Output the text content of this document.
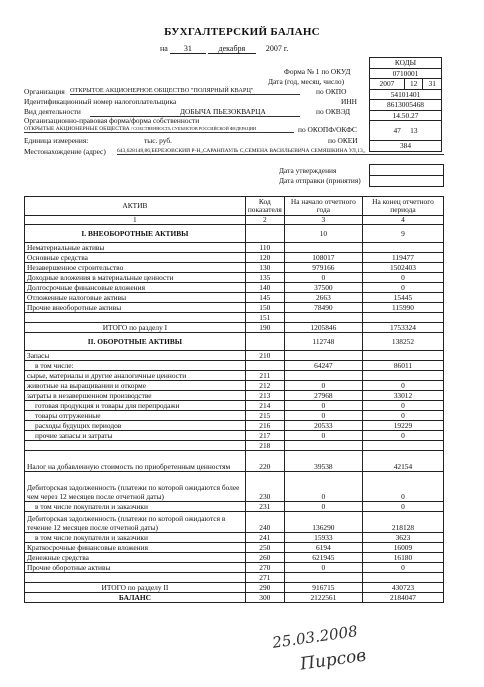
БУХГАЛТЕРСКИЙ БАЛАНС
на 31	декабря	2007 г.
КОДЫ
0710001
2007	12	31
54101401
8613005468
14.50.27
47 13
384
Форма № 1 по ОКУД
Дата (год, месяц, число)
Организация ОТКРЫТОЕ АКЦИОНЕРНОЕ ОБЩЕСТВО "ПОЛЯРНЫЙ КВАРЦ"	по ОКПО
Идентификационный номер налогоплательщика	ИНН
Вид деятельности	ДОБЫЧА ПЬЕЗОКВАРЦА	по ОКВЭД
Организационно-правовая форма/форма собственности
ОТКРЫТЫЕ АКЦИОНЕРНЫЕ ОБЩЕСТВА / СОБСТВЕННОСТЬ СУБЪЕКТОВ РОССИЙСКОЙ ФЕДЕРАЦИИ	по ОКОПФ/ОКФС
Единица измерения:	тыс. руб.	по ОКЕИ
Местонахождение (адрес) 643,628148,86,БЕРЕЗОВСКИЙ Р-Н,,САРАНПАУЛЬ С,СЕМЕНА ВАСИЛЬЕВИЧА СЕМЯШКИНА УЛ,13,,
Дата утверждения
Дата отправки (принятия)
АКТИВ	Код показателя	На начало отчетного года	На конец отчетного периода
1	2	3	4
I. ВНЕОБОРОТНЫЕ АКТИВЫ		10	9
Нематериальные активы	110		
Основные средства	120	108017	119477
Незавершенное строительство	130	979166	1502403
Доходные вложения в материальные ценности	135	0	0
Долгосрочные финансовые вложения	140	37500	0
Отложенные налоговые активы	145	2663	15445
Прочие внеоборотные активы	150	78490	115990
	151		
ИТОГО по разделу I	190	1205846	1753324
II. ОБОРОТНЫЕ АКТИВЫ		112748	138252
Запасы	210		
в том числе:		64247	86011
сырье, материалы и другие аналогичные ценности	211		
животные на выращивании и откорме	212	0	0
затраты в незавершенном производстве	213	27968	33012
готовая продукция и товары для перепродажи	214	0	0
товары отгруженные	215	0	0
расходы будущих периодов	216	20533	19229
прочие запасы и затраты	217	0	0
	218		
Налог на добавленную стоимость по приобретенным ценностям	220	39538	42154
Дебиторская задолженность (платежи по которой ожидаются более чем через 12 месяцев после отчетной даты)	230	0	0
в том числе покупатели и заказчики	231	0	0
Дебиторская задолженность (платежи по которой ожидаются в течение 12 месяцев после отчетной даты)	240	136290	218128
в том числе покупатели и заказчики	241	15933	3623
Краткосрочные финансовые вложения	250	6194	16009
Денежные средства	260	621945	16180
Прочие оборотные активы	270	0	0
	271		
ИТОГО по разделу II	290	916715	430723
БАЛАНС	300	2122561	2184047
25.03.2008
Пирсов
